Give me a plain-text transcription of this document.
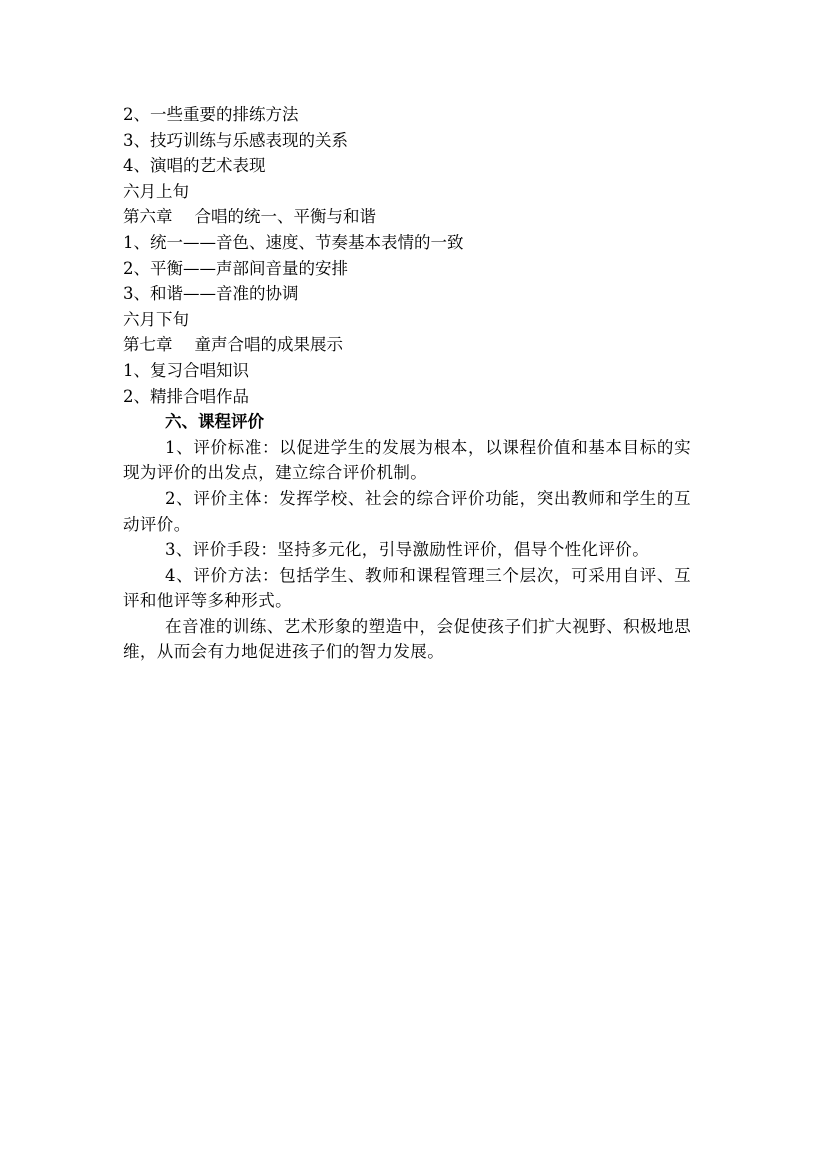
2、一些重要的排练方法
3、技巧训练与乐感表现的关系
4、演唱的艺术表现
六月上旬
第六章 合唱的统一、平衡与和谐
1、统一——音色、速度、节奏基本表情的一致
2、平衡——声部间音量的安排
3、和谐——音准的协调
六月下旬
第七章 童声合唱的成果展示
1、复习合唱知识
2、精排合唱作品
六、课程评价
1、评价标准：以促进学生的发展为根本，以课程价值和基本目标的实现为评价的出发点，建立综合评价机制。
2、评价主体：发挥学校、社会的综合评价功能，突出教师和学生的互动评价。
3、评价手段：坚持多元化，引导激励性评价，倡导个性化评价。
4、评价方法：包括学生、教师和课程管理三个层次，可采用自评、互评和他评等多种形式。
在音准的训练、艺术形象的塑造中，会促使孩子们扩大视野、积极地思维，从而会有力地促进孩子们的智力发展。
